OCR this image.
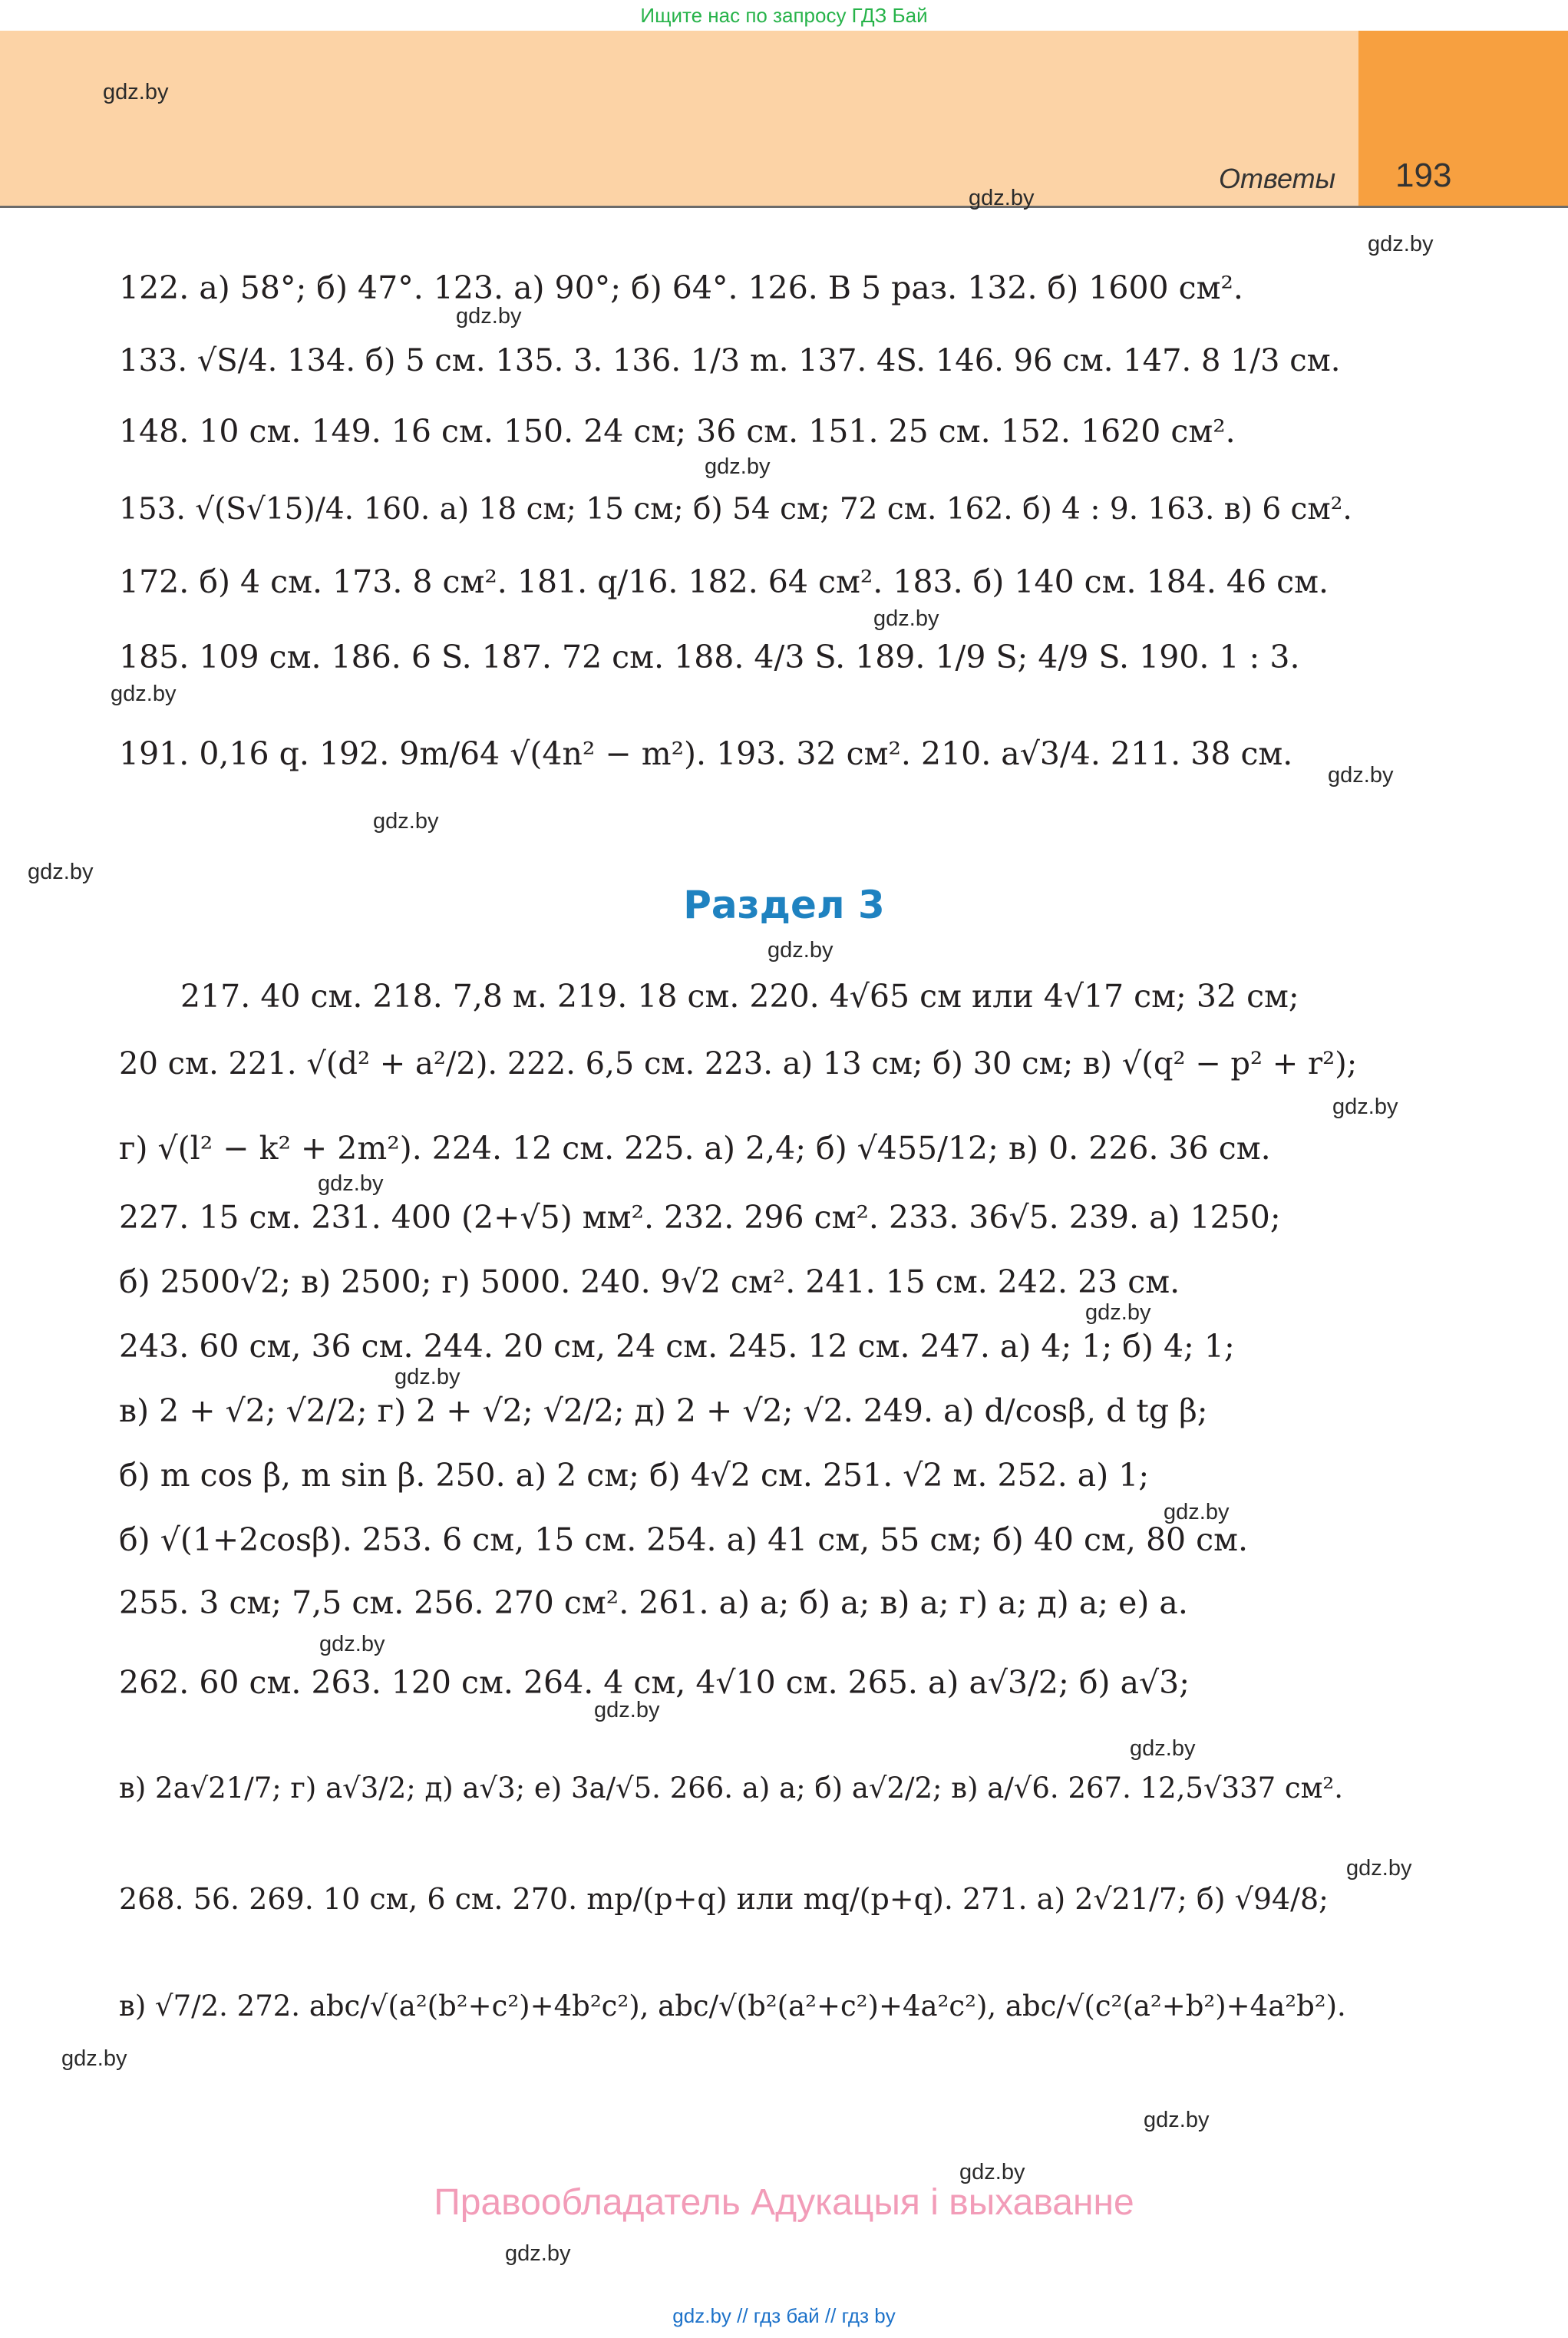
Ищите нас по запросу ГДЗ Бай
Ответы 193
gdz.by
gdz.by
gdz.by
gdz.by
gdz.by
gdz.by
gdz.by
gdz.by
gdz.by
gdz.by
gdz.by
gdz.by
gdz.by
gdz.by
gdz.by
gdz.by
gdz.by
gdz.by
gdz.by
gdz.by
gdz.by
gdz.by
gdz.by
gdz.by
122. а) 58°; б) 47°. 123. а) 90°; б) 64°. 126. В 5 раз. 132. б) 1600 см².
133. √S/4. 134. б) 5 см. 135. 3. 136. 1/3 m. 137. 4S. 146. 96 см. 147. 8 1/3 см.
148. 10 см. 149. 16 см. 150. 24 см; 36 см. 151. 25 см. 152. 1620 см².
153. √(S√15)/4. 160. а) 18 см; 15 см; б) 54 см; 72 см. 162. б) 4 : 9. 163. в) 6 см².
172. б) 4 см. 173. 8 см². 181. q/16. 182. 64 см². 183. б) 140 см. 184. 46 см.
185. 109 см. 186. 6 S. 187. 72 см. 188. 4/3 S. 189. 1/9 S; 4/9 S. 190. 1 : 3.
191. 0,16 q. 192. 9m/64 √(4n² − m²). 193. 32 см². 210. a√3/4. 211. 38 см.
Раздел 3
217. 40 см. 218. 7,8 м. 219. 18 см. 220. 4√65 см или 4√17 см; 32 см;
20 см. 221. √(d² + a²/2). 222. 6,5 см. 223. а) 13 см; б) 30 см; в) √(q² − p² + r²);
г) √(l² − k² + 2m²). 224. 12 см. 225. а) 2,4; б) √455/12; в) 0. 226. 36 см.
227. 15 см. 231. 400 (2+√5) мм². 232. 296 см². 233. 36√5. 239. а) 1250;
б) 2500√2; в) 2500; г) 5000. 240. 9√2 см². 241. 15 см. 242. 23 см.
243. 60 см, 36 см. 244. 20 см, 24 см. 245. 12 см. 247. а) 4; 1; б) 4; 1;
в) 2 + √2; √2/2; г) 2 + √2; √2/2; д) 2 + √2; √2. 249. а) d/cosβ, d tg β;
б) m cos β, m sin β. 250. а) 2 см; б) 4√2 см. 251. √2 м. 252. а) 1;
б) √(1+2cosβ). 253. 6 см, 15 см. 254. а) 41 см, 55 см; б) 40 см, 80 см.
255. 3 см; 7,5 см. 256. 270 см². 261. а) a; б) a; в) a; г) a; д) a; е) a.
262. 60 см. 263. 120 см. 264. 4 см, 4√10 см. 265. а) a√3/2; б) a√3;
в) 2a√21/7; г) a√3/2; д) a√3; е) 3a/√5. 266. а) a; б) a√2/2; в) a/√6. 267. 12,5√337 см².
268. 56. 269. 10 см, 6 см. 270. mp/(p+q) или mq/(p+q). 271. а) 2√21/7; б) √94/8;
в) √7/2. 272. abc/√(a²(b²+c²)+4b²c²), abc/√(b²(a²+c²)+4a²c²), abc/√(c²(a²+b²)+4a²b²).
Правообладатель Адукацыя і выхаванне
gdz.by // гдз бай // гдз by
